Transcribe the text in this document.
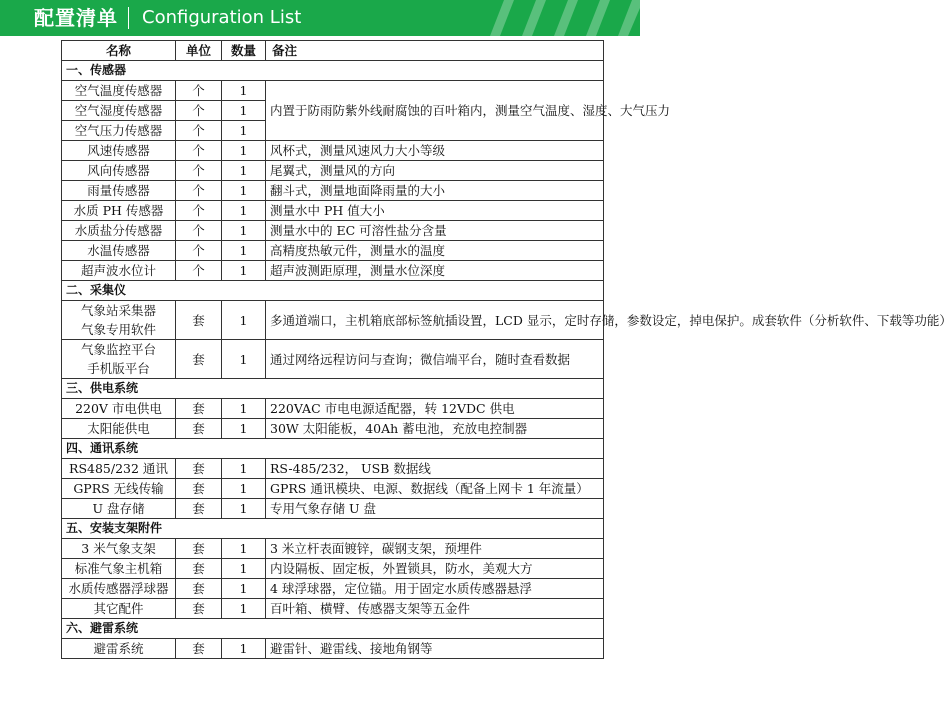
配置清单 Configuration List
名称	单位	数量	备注
一、传感器			
空气温度传感器	个	1	内置于防雨防紫外线耐腐蚀的百叶箱内，测量空气温度、湿度、大气压力
空气湿度传感器	个	1	
空气压力传感器	个	1	
风速传感器	个	1	风杯式，测量风速风力大小等级
风向传感器	个	1	尾翼式，测量风的方向
雨量传感器	个	1	翻斗式，测量地面降雨量的大小
水质 PH 传感器	个	1	测量水中 PH 值大小
水质盐分传感器	个	1	测量水中的 EC 可溶性盐分含量
水温传感器	个	1	高精度热敏元件，测量水的温度
超声波水位计	个	1	超声波测距原理，测量水位深度
二、采集仪			

气象站采集器
气象专用软件	套	1	多通道端口，主机箱底部标签航插设置，LCD 显示，定时存储，参数设定，掉电保护。成套软件（分析软件、下载等功能）

气象监控平台
手机版平台	套	1	通过网络远程访问与查询；微信端平台，随时查看数据
三、供电系统			
220V 市电供电	套	1	220VAC 市电电源适配器，转 12VDC 供电
太阳能供电	套	1	30W 太阳能板，40Ah 蓄电池，充放电控制器
四、通讯系统			
RS485/232 通讯	套	1	RS-485/232， USB 数据线
GPRS 无线传输	套	1	GPRS 通讯模块、电源、数据线（配备上网卡 1 年流量）
U 盘存储	套	1	专用气象存储 U 盘
五、安装支架附件			
3 米气象支架	套	1	3 米立杆表面镀锌，碳钢支架，预埋件
标准气象主机箱	套	1	内设隔板、固定板，外置锁具，防水，美观大方
水质传感器浮球器	套	1	4 球浮球器，定位锚。用于固定水质传感器悬浮
其它配件	套	1	百叶箱、横臂、传感器支架等五金件
六、避雷系统			
避雷系统	套	1	避雷针、避雷线、接地角钢等
